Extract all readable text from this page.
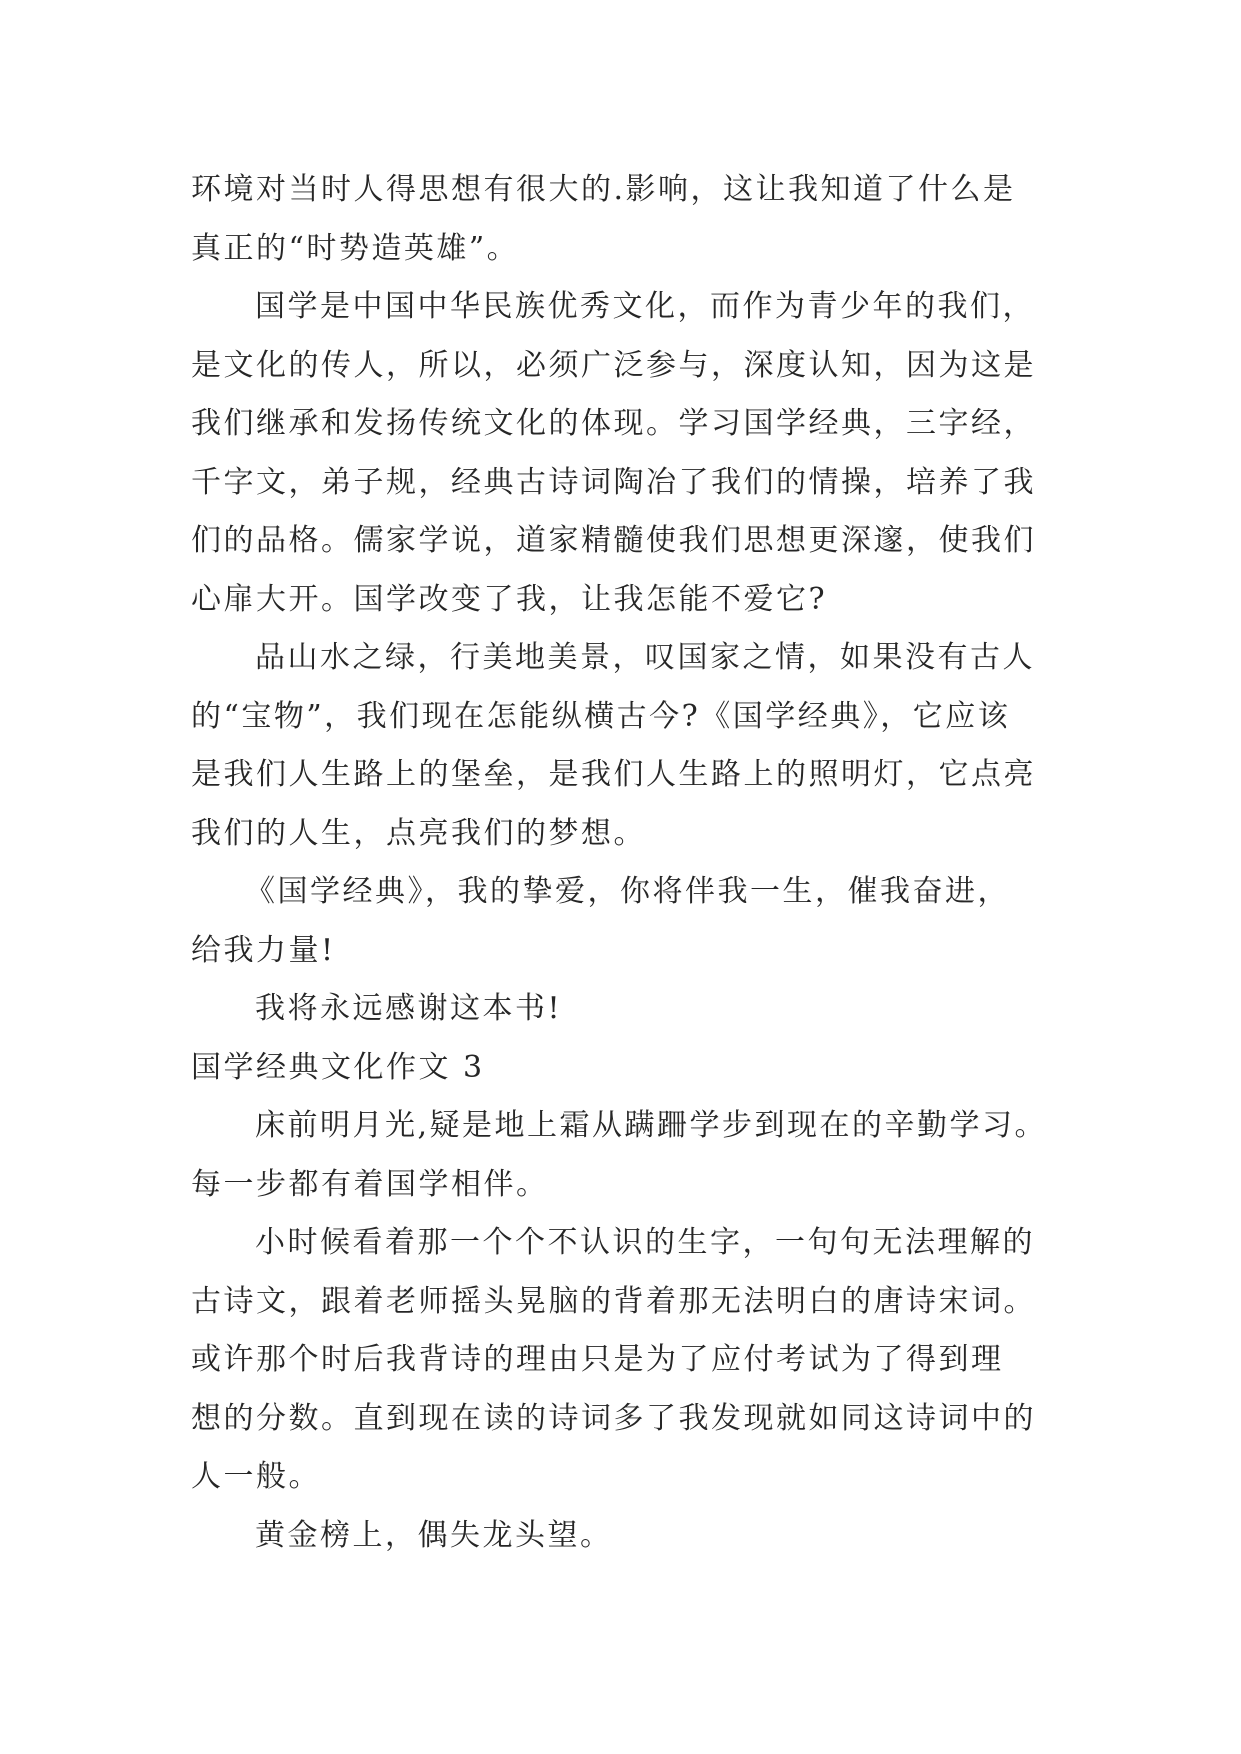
环境对当时人得思想有很大的.影响，这让我知道了什么是
真正的“时势造英雄”。
国学是中国中华民族优秀文化，而作为青少年的我们，
是文化的传人，所以，必须广泛参与，深度认知，因为这是
我们继承和发扬传统文化的体现。学习国学经典，三字经，
千字文，弟子规，经典古诗词陶冶了我们的情操，培养了我
们的品格。儒家学说，道家精髓使我们思想更深邃，使我们
心扉大开。国学改变了我，让我怎能不爱它?
品山水之绿，行美地美景，叹国家之情，如果没有古人
的“宝物”，我们现在怎能纵横古今?《国学经典》，它应该
是我们人生路上的堡垒，是我们人生路上的照明灯，它点亮
我们的人生，点亮我们的梦想。
《国学经典》，我的挚爱，你将伴我一生，催我奋进，
给我力量!
我将永远感谢这本书!
国学经典文化作文 3
床前明月光,疑是地上霜从蹒跚学步到现在的辛勤学习。
每一步都有着国学相伴。
小时候看着那一个个不认识的生字，一句句无法理解的
古诗文，跟着老师摇头晃脑的背着那无法明白的唐诗宋词。
或许那个时后我背诗的理由只是为了应付考试为了得到理
想的分数。直到现在读的诗词多了我发现就如同这诗词中的
人一般。
黄金榜上，偶失龙头望。
